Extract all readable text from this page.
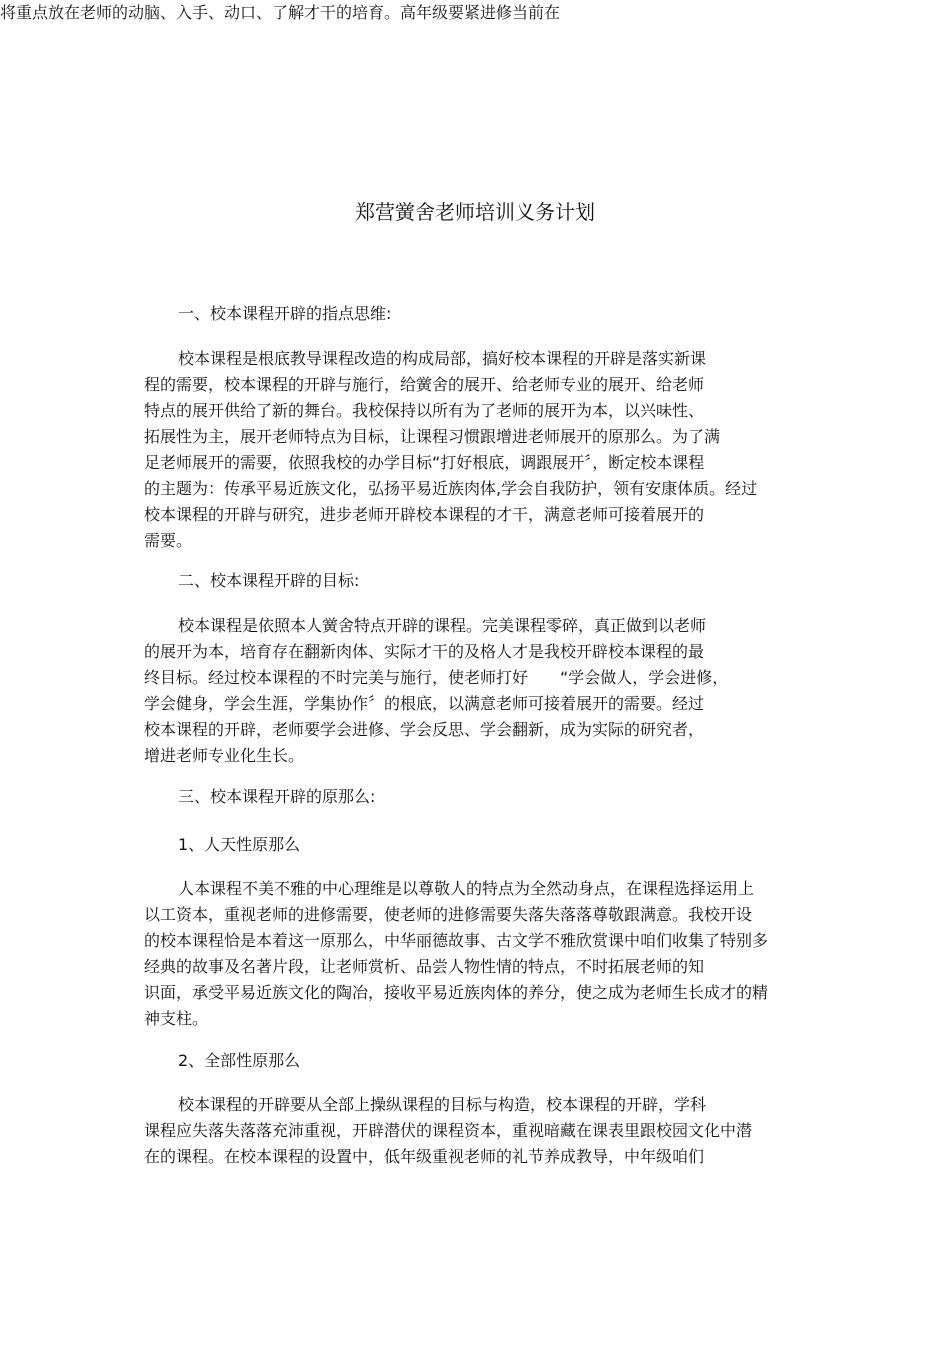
将重点放在老师的动脑、入手、动口、了解才干的培育。高年级要紧进修当前在
郑营黉舍老师培训义务计划
一、校本课程开辟的指点思维:
校本课程是根底教导课程改造的构成局部，搞好校本课程的开辟是落实新课
程的需要，校本课程的开辟与施行，给黉舍的展开、给老师专业的展开、给老师
特点的展开供给了新的舞台。我校保持以所有为了老师的展开为本，以兴味性、
拓展性为主，展开老师特点为目标，让课程习惯跟增进老师展开的原那么。为了满
足老师展开的需要，依照我校的办学目标“打好根底，调跟展开〞，断定校本课程
的主题为：传承平易近族文化，弘扬平易近族肉体,学会自我防护，领有安康体质。经过
校本课程的开辟与研究，进步老师开辟校本课程的才干，满意老师可接着展开的
需要。
二、校本课程开辟的目标:
校本课程是依照本人黉舍特点开辟的课程。完美课程零碎，真正做到以老师
的展开为本，培育存在翻新肉体、实际才干的及格人才是我校开辟校本课程的最
终目标。经过校本课程的不时完美与施行，使老师打好　　“学会做人，学会进修，
学会健身，学会生涯，学集协作〞的根底，以满意老师可接着展开的需要。经过
校本课程的开辟，老师要学会进修、学会反思、学会翻新，成为实际的研究者，
增进老师专业化生长。
三、校本课程开辟的原那么:
1、人天性原那么
人本课程不美不雅的中心理维是以尊敬人的特点为全然动身点，在课程选择运用上
以工资本，重视老师的进修需要，使老师的进修需要失落失落落尊敬跟满意。我校开设
的校本课程恰是本着这一原那么，中华丽德故事、古文学不雅欣赏课中咱们收集了特别多
经典的故事及名著片段，让老师赏析、品尝人物性情的特点，不时拓展老师的知
识面，承受平易近族文化的陶冶，接收平易近族肉体的养分，使之成为老师生长成才的精
神支柱。
2、全部性原那么
校本课程的开辟要从全部上操纵课程的目标与构造，校本课程的开辟，学科
课程应失落失落落充沛重视，开辟潜伏的课程资本，重视暗藏在课表里跟校园文化中潜
在的课程。在校本课程的设置中，低年级重视老师的礼节养成教导，中年级咱们
